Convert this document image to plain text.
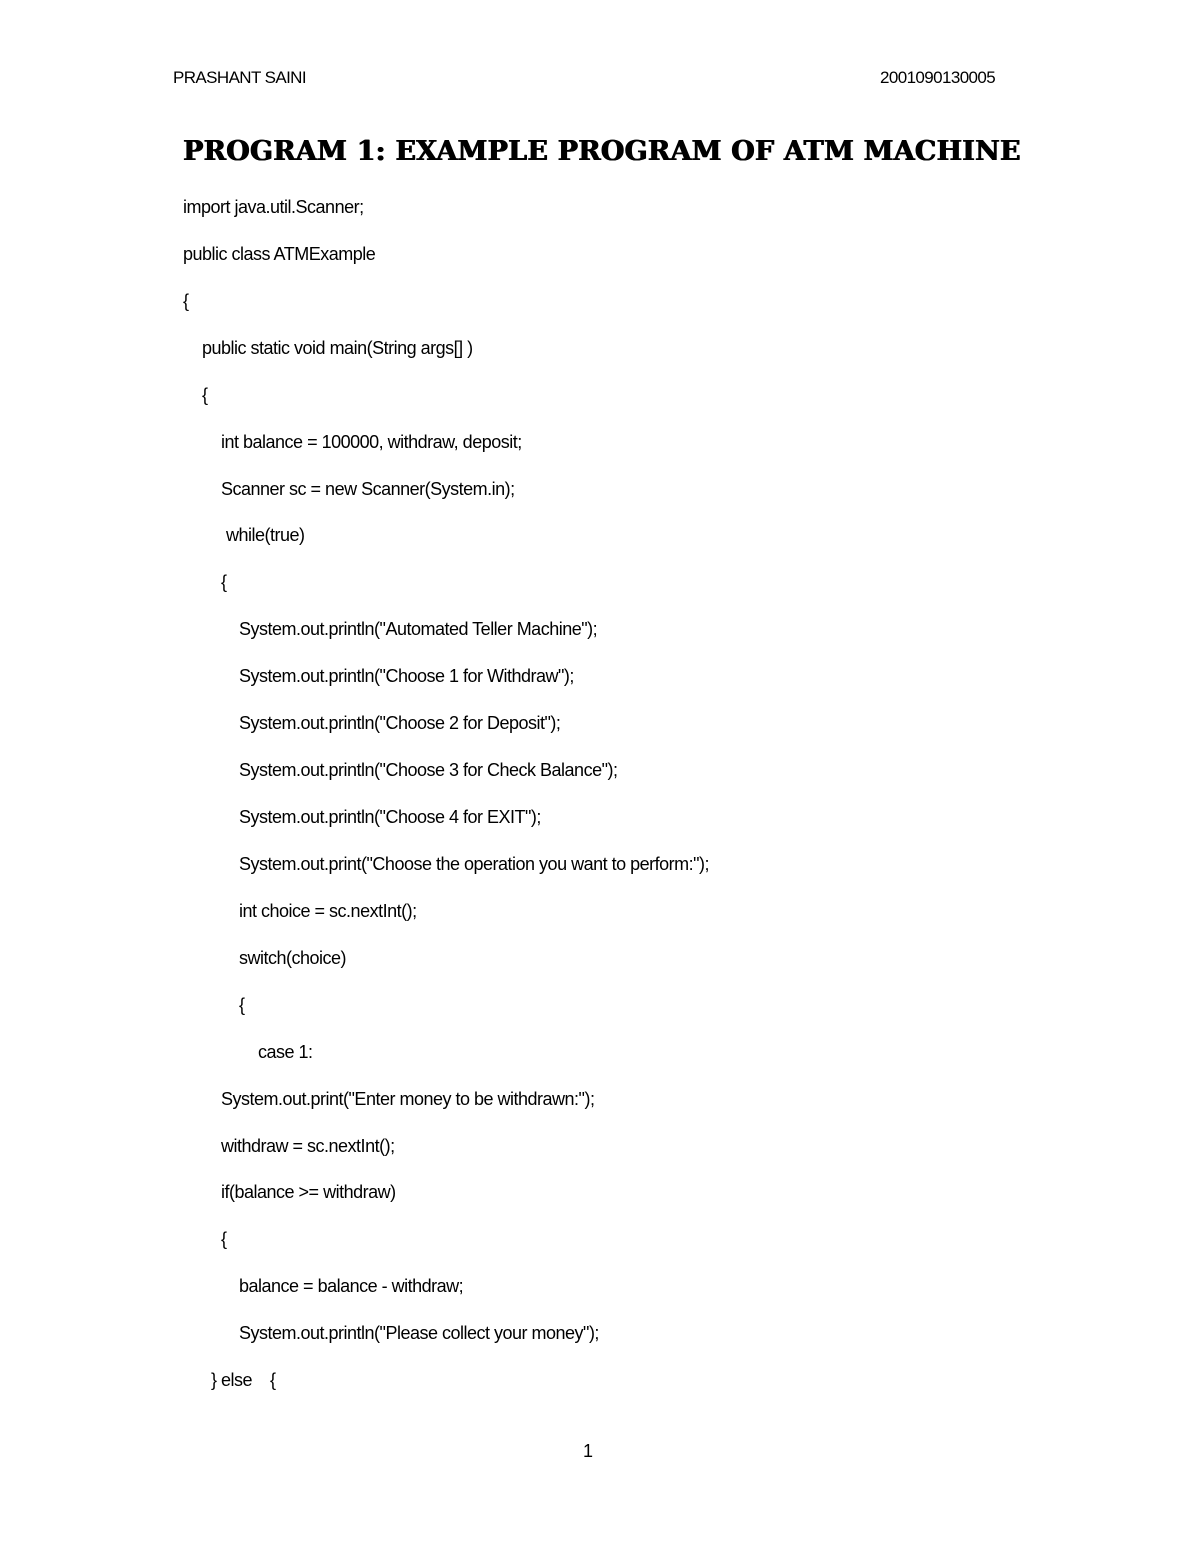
PRASHANT SAINI	2001090130005
PROGRAM 1: EXAMPLE PROGRAM OF ATM MACHINE
import java.util.Scanner;
public class ATMExample
{
public static void main(String args[] )
{
int balance = 100000, withdraw, deposit;
Scanner sc = new Scanner(System.in);
while(true)
{
System.out.println("Automated Teller Machine");
System.out.println("Choose 1 for Withdraw");
System.out.println("Choose 2 for Deposit");
System.out.println("Choose 3 for Check Balance");
System.out.println("Choose 4 for EXIT");
System.out.print("Choose the operation you want to perform:");
int choice = sc.nextInt();
switch(choice)
{
case 1:
System.out.print("Enter money to be withdrawn:");
withdraw = sc.nextInt();
if(balance >= withdraw)
{
balance = balance - withdraw;
System.out.println("Please collect your money");
} else    {
1
